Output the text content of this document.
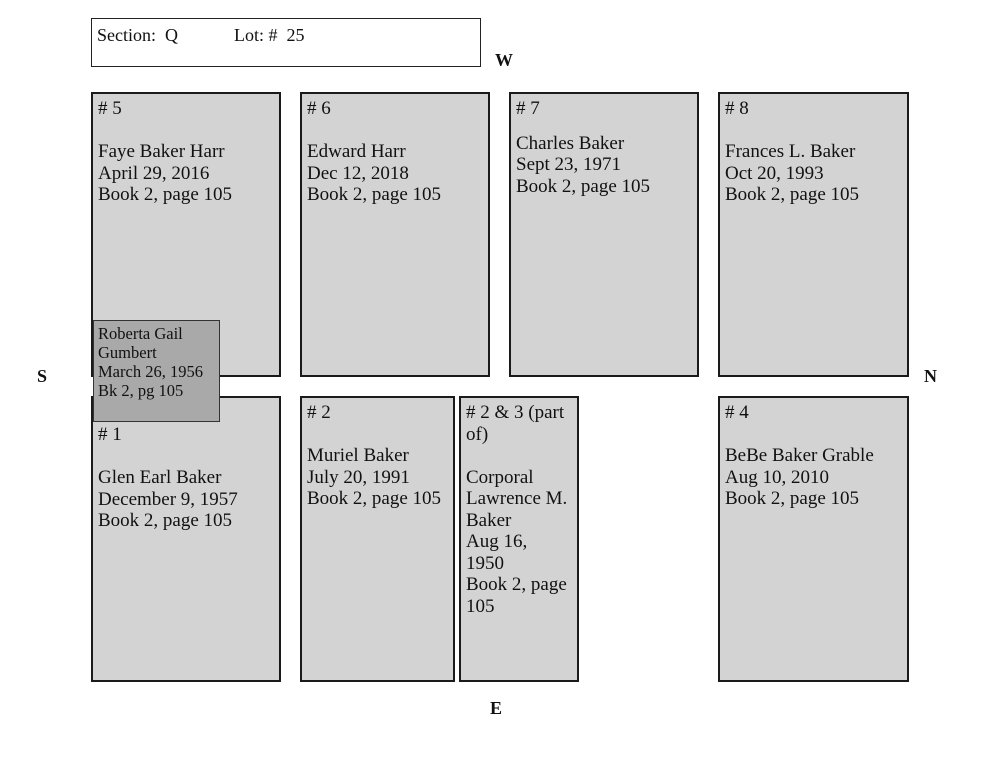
Section:  Q	Lot: #  25
W
S	N
E
# 5
Faye Baker Harr
April 29, 2016
Book 2, page 105
# 6
Edward Harr
Dec 12, 2018
Book 2, page 105
# 7
Charles Baker
Sept 23, 1971
Book 2, page 105
# 8
Frances L. Baker
Oct 20, 1993
Book 2, page 105
# 1
Glen Earl Baker
December 9, 1957
Book 2, page 105
# 2
Muriel Baker
July 20, 1991
Book 2, page 105
# 2 & 3 (part
of)
Corporal
Lawrence M.
Baker
Aug 16,
1950
Book 2, page
105
# 4
BeBe Baker Grable
Aug 10, 2010
Book 2, page 105
Roberta Gail
Gumbert
March 26, 1956
Bk 2, pg 105
